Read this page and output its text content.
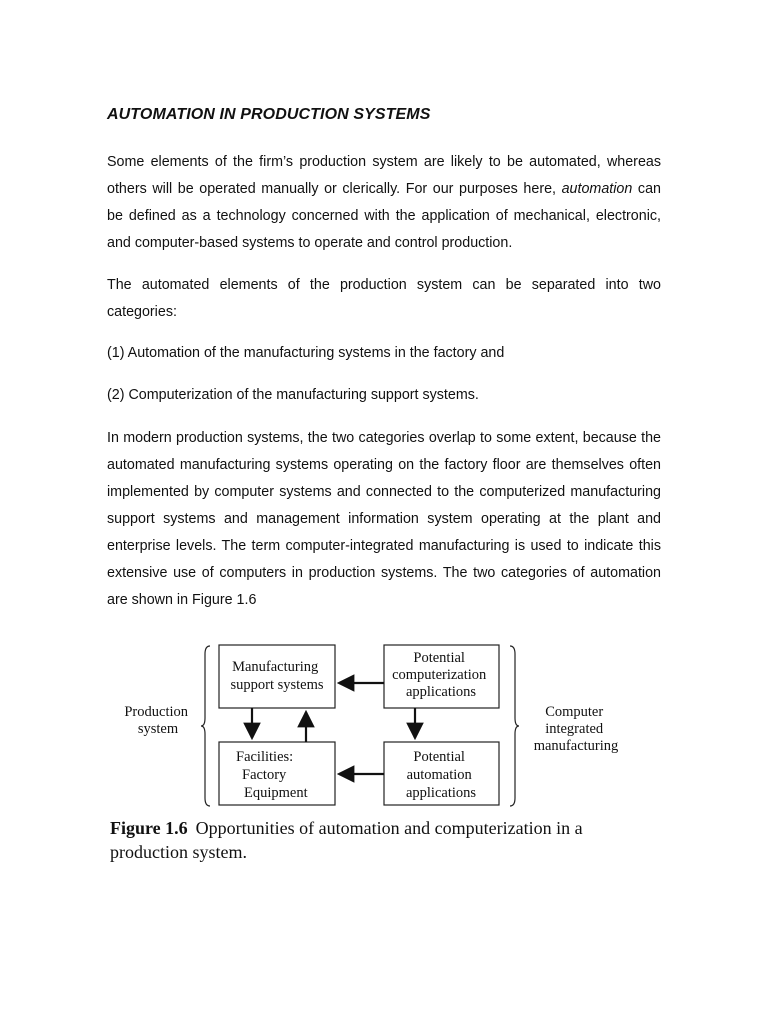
AUTOMATION IN PRODUCTION SYSTEMS

Some elements of the firm’s production system are likely to be automated, whereas others will be operated manually or clerically. For our purposes here, automation can be defined as a technology concerned with the application of mechanical, electronic, and computer-based systems to operate and control production.

The automated elements of the production system can be separated into two categories:

(1) Automation of the manufacturing systems in the factory and

(2) Computerization of the manufacturing support systems.

In modern production systems, the two categories overlap to some extent, because the automated manufacturing systems operating on the factory floor are themselves often implemented by computer systems and connected to the computerized manufacturing support systems and management information system operating at the plant and enterprise levels. The term computer-integrated manufacturing is used to indicate this extensive use of computers in production systems. The two categories of automation are shown in Figure 1.6

Production system
Computer integrated manufacturing
Manufacturing support systems
Potential computerization applications
Facilities: Factory Equipment
Potential automation applications

Figure 1.6 Opportunities of automation and computerization in a production system.
